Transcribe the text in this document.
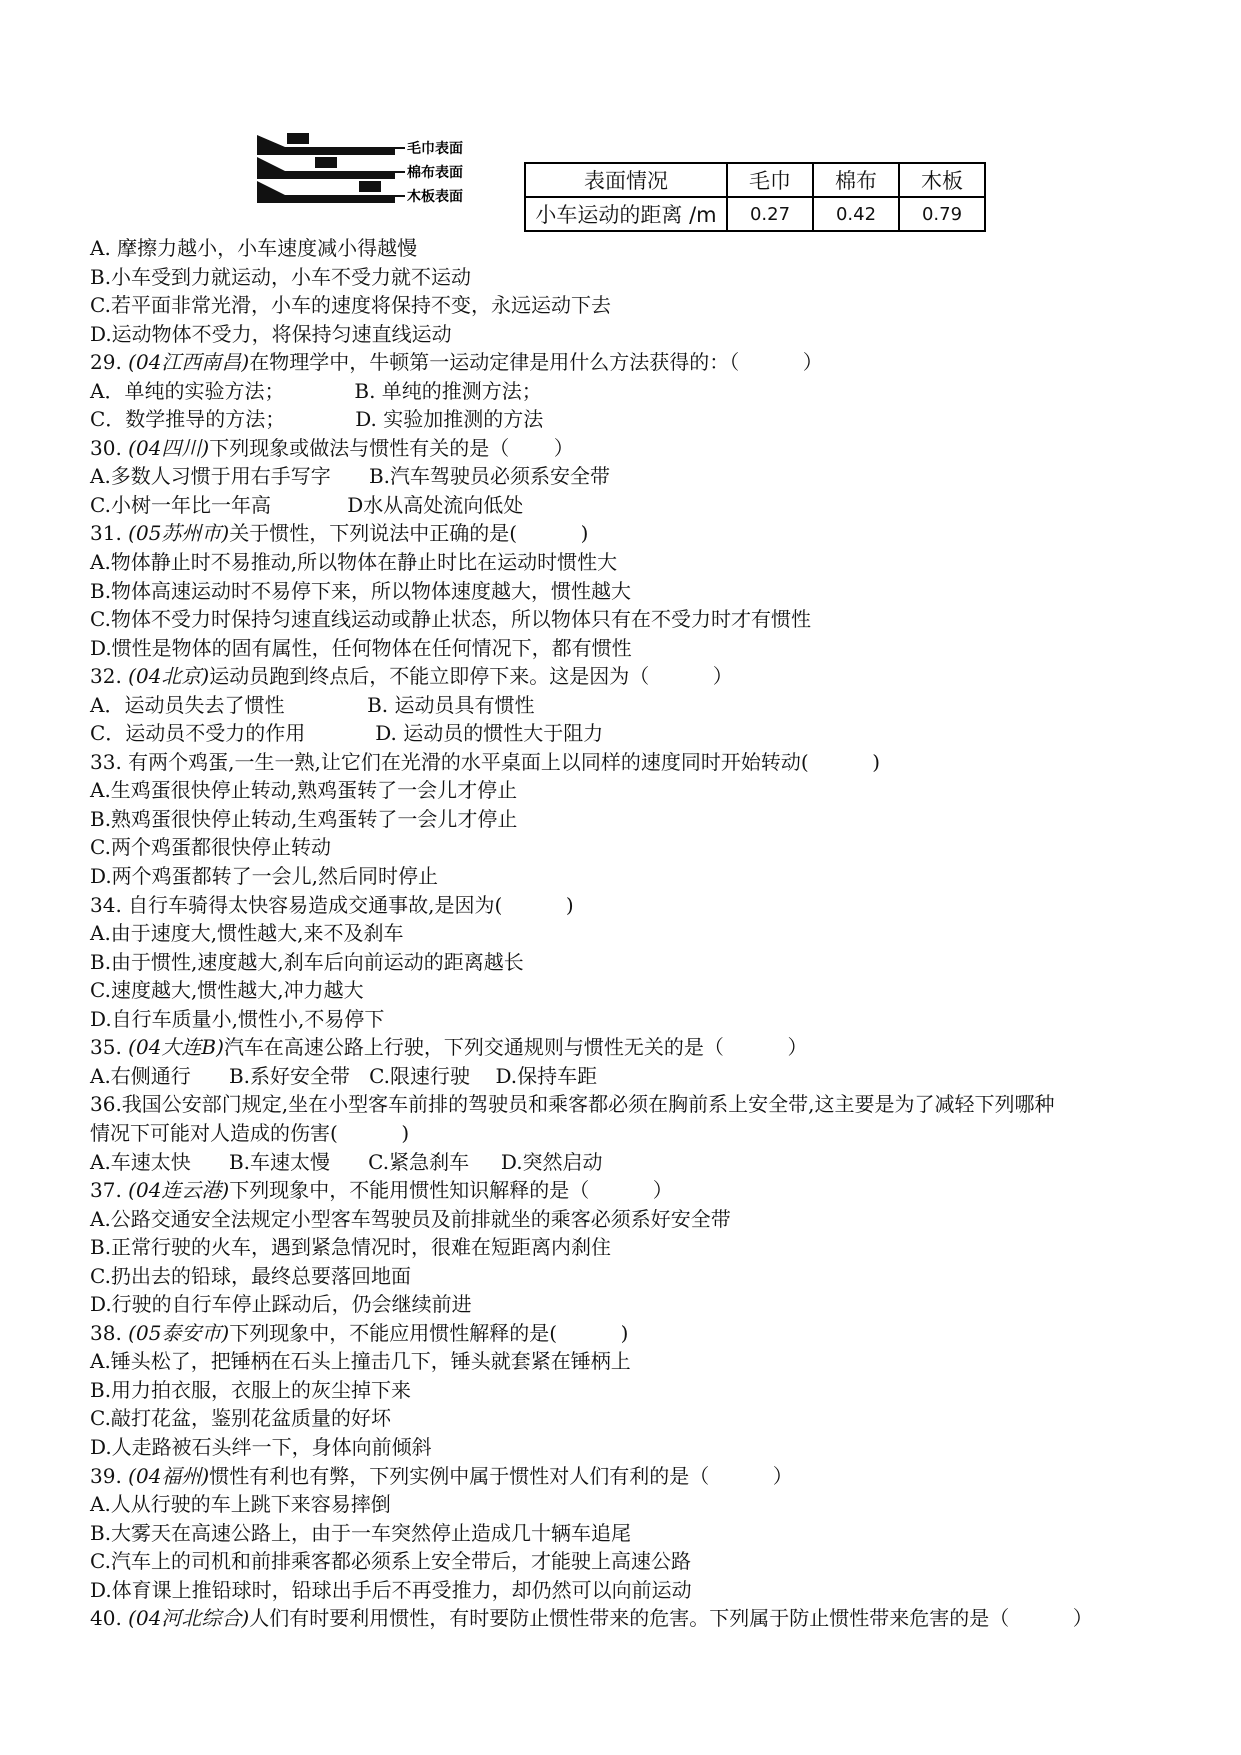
毛巾表面
棉布表面
木板表面
表面情况	毛巾	棉布	木板
小车运动的距离 /m	0.27	0.42	0.79
A. 摩擦力越小，小车速度减小得越慢
B.小车受到力就运动，小车不受力就不运动
C.若平面非常光滑，小车的速度将保持不变，永远运动下去
D.运动物体不受力，将保持匀速直线运动
29. (04江西南昌)在物理学中，牛顿第一运动定律是用什么方法获得的：（          ）
A．单纯的实验方法；           B. 单纯的推测方法；
C．数学推导的方法；           D. 实验加推测的方法
30. (04四川)下列现象或做法与惯性有关的是（       ）
A.多数人习惯于用右手写字      B.汽车驾驶员必须系安全带
C.小树一年比一年高            D水从高处流向低处
31. (05苏州市)关于惯性，下列说法中正确的是(          )
A.物体静止时不易推动,所以物体在静止时比在运动时惯性大
B.物体高速运动时不易停下来，所以物体速度越大，惯性越大
C.物体不受力时保持匀速直线运动或静止状态，所以物体只有在不受力时才有惯性
D.惯性是物体的固有属性，任何物体在任何情况下，都有惯性
32. (04北京)运动员跑到终点后，不能立即停下来。这是因为（          ）
A．运动员失去了惯性             B. 运动员具有惯性
C．运动员不受力的作用           D. 运动员的惯性大于阻力
33. 有两个鸡蛋,一生一熟,让它们在光滑的水平桌面上以同样的速度同时开始转动(          )
A.生鸡蛋很快停止转动,熟鸡蛋转了一会儿才停止
B.熟鸡蛋很快停止转动,生鸡蛋转了一会儿才停止
C.两个鸡蛋都很快停止转动
D.两个鸡蛋都转了一会儿,然后同时停止
34. 自行车骑得太快容易造成交通事故,是因为(          )
A.由于速度大,惯性越大,来不及刹车
B.由于惯性,速度越大,刹车后向前运动的距离越长
C.速度越大,惯性越大,冲力越大
D.自行车质量小,惯性小,不易停下
35. (04大连B)汽车在高速公路上行驶，下列交通规则与惯性无关的是（          ）
A.右侧通行      B.系好安全带   C.限速行驶    D.保持车距
36.我国公安部门规定,坐在小型客车前排的驾驶员和乘客都必须在胸前系上安全带,这主要是为了减轻下列哪种
情况下可能对人造成的伤害(          )
A.车速太快      B.车速太慢      C.紧急刹车     D.突然启动
37. (04连云港)下列现象中，不能用惯性知识解释的是（          ）
A.公路交通安全法规定小型客车驾驶员及前排就坐的乘客必须系好安全带
B.正常行驶的火车，遇到紧急情况时，很难在短距离内刹住
C.扔出去的铅球，最终总要落回地面
D.行驶的自行车停止踩动后，仍会继续前进
38. (05泰安市)下列现象中，不能应用惯性解释的是(          )
A.锤头松了，把锤柄在石头上撞击几下，锤头就套紧在锤柄上
B.用力拍衣服，衣服上的灰尘掉下来
C.敲打花盆，鉴别花盆质量的好坏
D.人走路被石头绊一下，身体向前倾斜
39. (04福州)惯性有利也有弊，下列实例中属于惯性对人们有利的是（          ）
A.人从行驶的车上跳下来容易摔倒
B.大雾天在高速公路上，由于一车突然停止造成几十辆车追尾
C.汽车上的司机和前排乘客都必须系上安全带后，才能驶上高速公路
D.体育课上推铅球时，铅球出手后不再受推力，却仍然可以向前运动
40. (04河北综合)人们有时要利用惯性，有时要防止惯性带来的危害。下列属于防止惯性带来危害的是（          ）
